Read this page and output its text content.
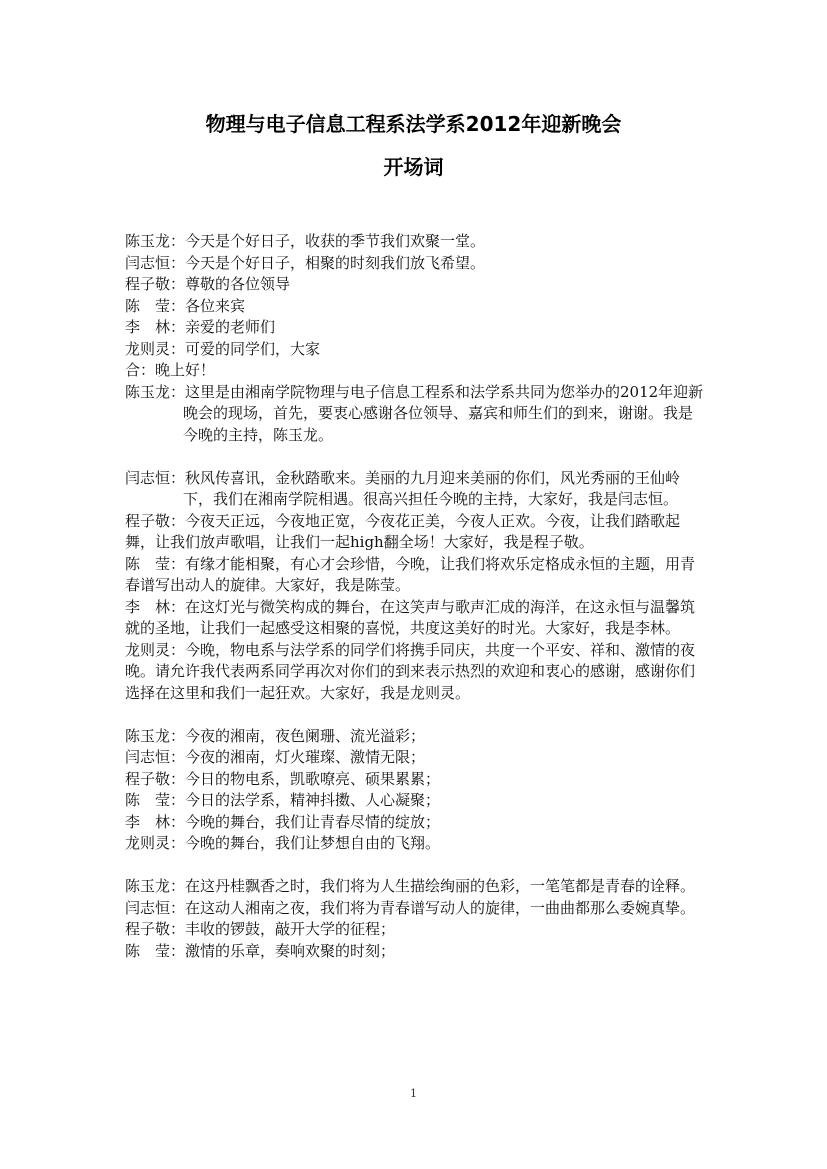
物理与电子信息工程系法学系2012年迎新晚会
开场词

陈玉龙：今天是个好日子，收获的季节我们欢聚一堂。

闫志恒：今天是个好日子，相聚的时刻我们放飞希望。

程子敬：尊敬的各位领导

陈　莹：各位来宾

李　林：亲爱的老师们

龙则灵：可爱的同学们，大家

合：晚上好！

陈玉龙：这里是由湘南学院物理与电子信息工程系和法学系共同为您举办的2012年迎新晚会的现场，首先，要衷心感谢各位领导、嘉宾和师生们的到来，谢谢。我是今晚的主持，陈玉龙。

闫志恒：秋风传喜讯，金秋踏歌来。美丽的九月迎来美丽的你们，风光秀丽的王仙岭下，我们在湘南学院相遇。很高兴担任今晚的主持，大家好，我是闫志恒。

程子敬：今夜天正远，今夜地正宽，今夜花正美，今夜人正欢。今夜，让我们踏歌起舞，让我们放声歌唱，让我们一起high翻全场！大家好，我是程子敬。

陈　莹：有缘才能相聚，有心才会珍惜，今晚，让我们将欢乐定格成永恒的主题，用青春谱写出动人的旋律。大家好，我是陈莹。

李　林：在这灯光与微笑构成的舞台，在这笑声与歌声汇成的海洋，在这永恒与温馨筑就的圣地，让我们一起感受这相聚的喜悦，共度这美好的时光。大家好，我是李林。

龙则灵：今晚，物电系与法学系的同学们将携手同庆，共度一个平安、祥和、激情的夜晚。请允许我代表两系同学再次对你们的到来表示热烈的欢迎和衷心的感谢，感谢你们选择在这里和我们一起狂欢。大家好，我是龙则灵。

陈玉龙：今夜的湘南，夜色阑珊、流光溢彩；

闫志恒：今夜的湘南，灯火璀璨、激情无限；

程子敬：今日的物电系，凯歌嘹亮、硕果累累；

陈　莹：今日的法学系，精神抖擞、人心凝聚；

李　林：今晚的舞台，我们让青春尽情的绽放；

龙则灵：今晚的舞台，我们让梦想自由的飞翔。

陈玉龙：在这丹桂飘香之时，我们将为人生描绘绚丽的色彩，一笔笔都是青春的诠释。

闫志恒：在这动人湘南之夜，我们将为青春谱写动人的旋律，一曲曲都那么委婉真挚。

程子敬：丰收的锣鼓，敲开大学的征程；

陈　莹：激情的乐章，奏响欢聚的时刻；

1
